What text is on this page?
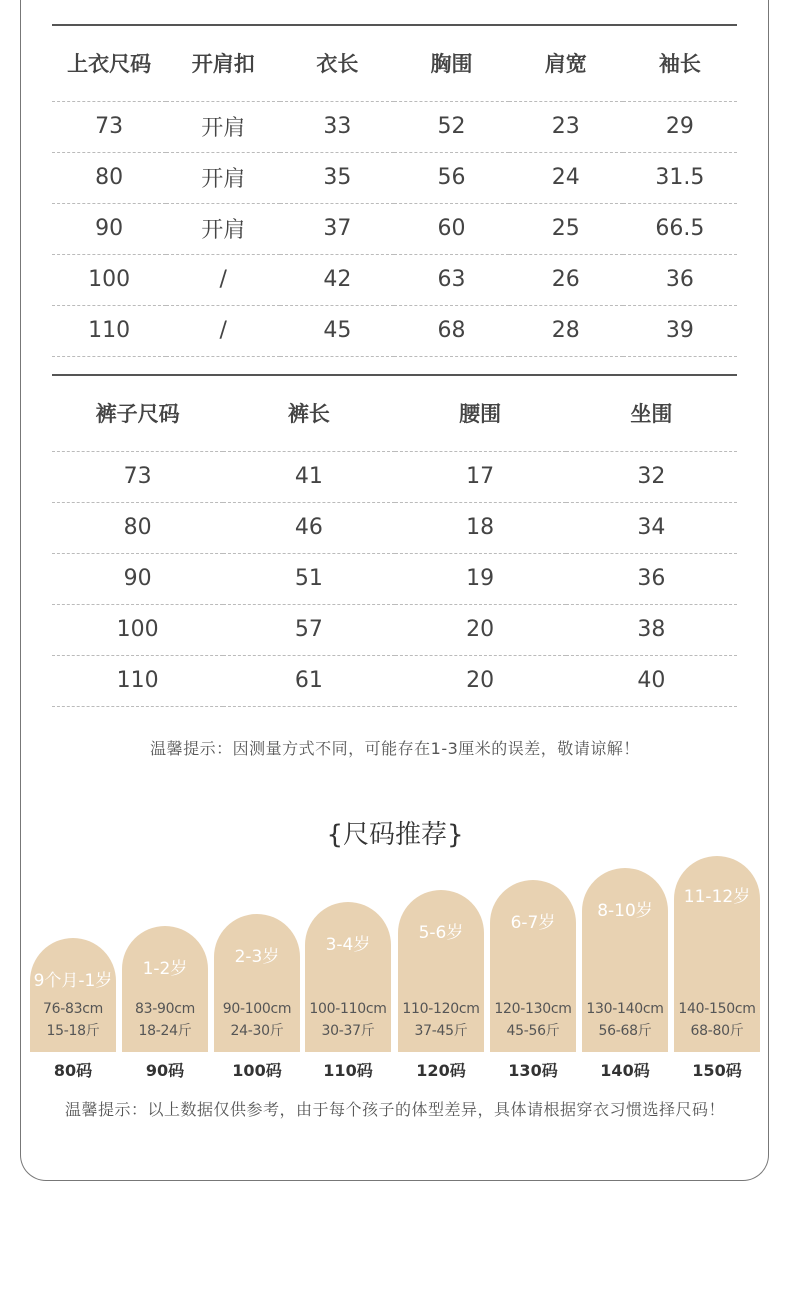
上衣尺码	开肩扣	衣长	胸围	肩宽	袖长
73	开肩	33	52	23	29
80	开肩	35	56	24	31.5
90	开肩	37	60	25	66.5
100	/	42	63	26	36
110	/	45	68	28	39
裤子尺码	裤长	腰围	坐围
73	41	17	32
80	46	18	34
90	51	19	36
100	57	20	38
110	61	20	40
温馨提示：因测量方式不同，可能存在1-3厘米的误差，敬请谅解！
{尺码推荐}
9个月-1岁
76-83cm
15-18斤
80码
1-2岁
83-90cm
18-24斤
90码
2-3岁
90-100cm
24-30斤
100码
3-4岁
100-110cm
30-37斤
110码
5-6岁
110-120cm
37-45斤
120码
6-7岁
120-130cm
45-56斤
130码
8-10岁
130-140cm
56-68斤
140码
11-12岁
140-150cm
68-80斤
150码
温馨提示：以上数据仅供参考，由于每个孩子的体型差异，具体请根据穿衣习惯选择尺码！
